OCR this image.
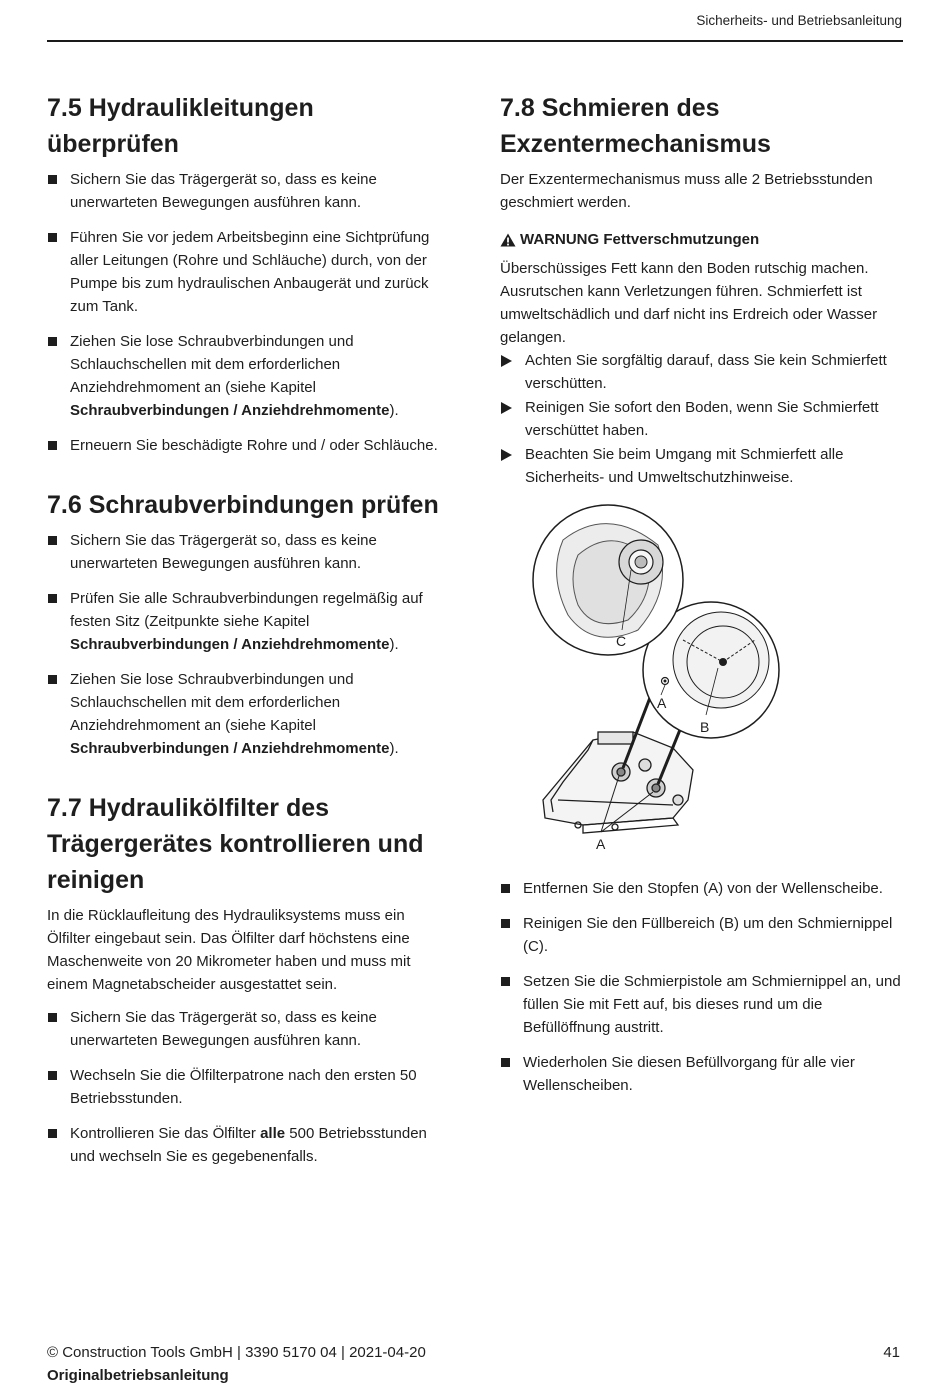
Sicherheits- und Betriebsanleitung
7.5 Hydraulikleitungen
überprüfen
Sichern Sie das Trägergerät so, dass es keine unerwarteten Bewegungen ausführen kann.
Führen Sie vor jedem Arbeitsbeginn eine Sichtprüfung aller Leitungen (Rohre und Schläuche) durch, von der Pumpe bis zum hydraulischen Anbaugerät und zurück zum Tank.
Ziehen Sie lose Schraubverbindungen und Schlauchschellen mit dem erforderlichen Anziehdrehmoment an (siehe Kapitel Schraubverbindungen / Anziehdrehmomente).
Erneuern Sie beschädigte Rohre und / oder Schläuche.
7.6 Schraubverbindungen prüfen
Sichern Sie das Trägergerät so, dass es keine unerwarteten Bewegungen ausführen kann.
Prüfen Sie alle Schraubverbindungen regelmäßig auf festen Sitz (Zeitpunkte siehe Kapitel Schraubverbindungen / Anziehdrehmomente).
Ziehen Sie lose Schraubverbindungen und Schlauchschellen mit dem erforderlichen Anziehdrehmoment an (siehe Kapitel Schraubverbindungen / Anziehdrehmomente).
7.7 Hydraulikölfilter des
Trägergerätes kontrollieren und
reinigen

In die Rücklaufleitung des Hydrauliksystems muss ein Ölfilter eingebaut sein. Das Ölfilter darf höchstens eine Maschenweite von 20 Mikrometer haben und muss mit einem Magnetabscheider ausgestattet sein.

Sichern Sie das Trägergerät so, dass es keine unerwarteten Bewegungen ausführen kann.
Wechseln Sie die Ölfilterpatrone nach den ersten 50 Betriebsstunden.
Kontrollieren Sie das Ölfilter alle 500 Betriebsstunden und wechseln Sie es gegebenenfalls.
7.8 Schmieren des
Exzentermechanismus

Der Exzentermechanismus muss alle 2 Betriebsstunden geschmiert werden.

WARNUNG Fettverschmutzungen

Überschüssiges Fett kann den Boden rutschig machen. Ausrutschen kann Verletzungen führen. Schmierfett ist umweltschädlich und darf nicht ins Erdreich oder Wasser gelangen.

Achten Sie sorgfältig darauf, dass Sie kein Schmierfett verschütten.
Reinigen Sie sofort den Boden, wenn Sie Schmierfett verschüttet haben.
Beachten Sie beim Umgang mit Schmierfett alle Sicherheits- und Umweltschutzhinweise.
C
A
B
A
Entfernen Sie den Stopfen (A) von der Wellenscheibe.
Reinigen Sie den Füllbereich (B) um den Schmiernippel (C).
Setzen Sie die Schmierpistole am Schmiernippel an, und füllen Sie mit Fett auf, bis dieses rund um die Befüllöffnung austritt.
Wiederholen Sie diesen Befüllvorgang für alle vier Wellenscheiben.
© Construction Tools GmbH | 3390 5170 04 | 2021-04-20
Originalbetriebsanleitung
41
